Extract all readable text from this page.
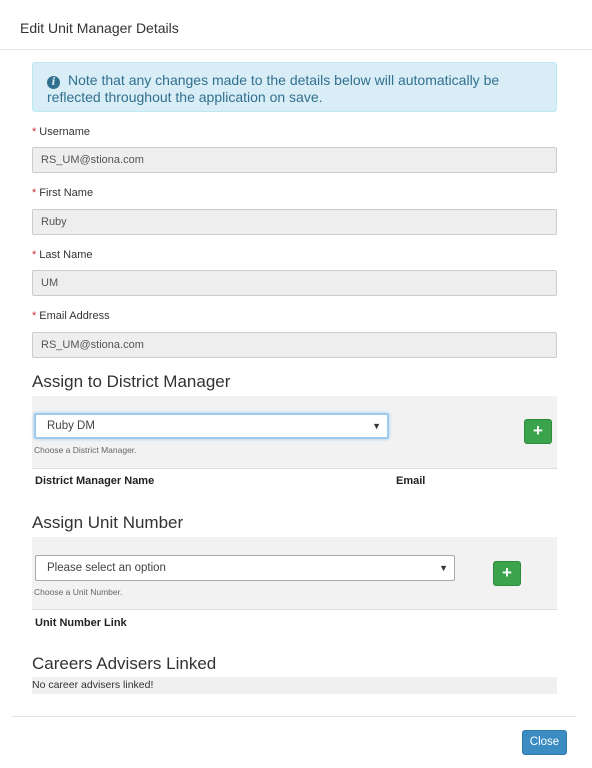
Edit Unit Manager Details
i Note that any changes made to the details below will automatically be reflected throughout the application on save.
* Username
RS_UM@stiona.com
* First Name
Ruby
* Last Name
UM
* Email Address
RS_UM@stiona.com
Assign to District Manager
Ruby DM	▼
Choose a District Manager.
+
District Manager Name	Email
Assign Unit Number
Please select an option	▼
Choose a Unit Number.
+
Unit Number Link
Careers Advisers Linked
No career advisers linked!
Close
